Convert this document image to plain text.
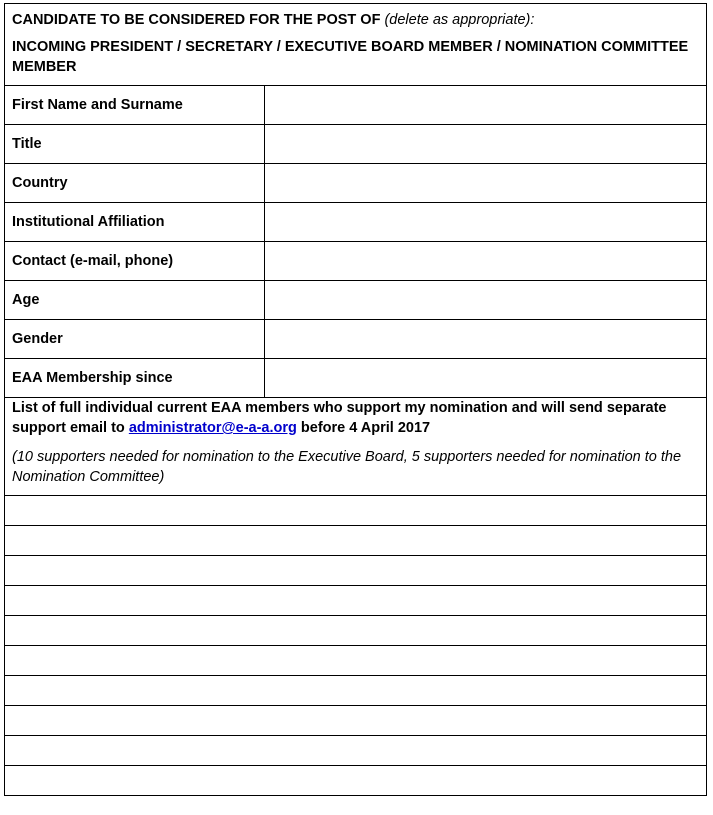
CANDIDATE TO BE CONSIDERED FOR THE POST OF (delete as appropriate):
INCOMING PRESIDENT / SECRETARY / EXECUTIVE BOARD MEMBER / NOMINATION COMMITTEE MEMBER	

First Name and Surname	
Title	
Country	
Institutional Affiliation	
Contact (e-mail, phone)	
Age	
Gender	
EAA Membership since	

List of full individual current EAA members who support my nomination and will send separate support email to administrator@e-a-a.org before 4 April 2017
(10 supporters needed for nomination to the Executive Board, 5 supporters needed for nomination to the Nomination Committee)	
